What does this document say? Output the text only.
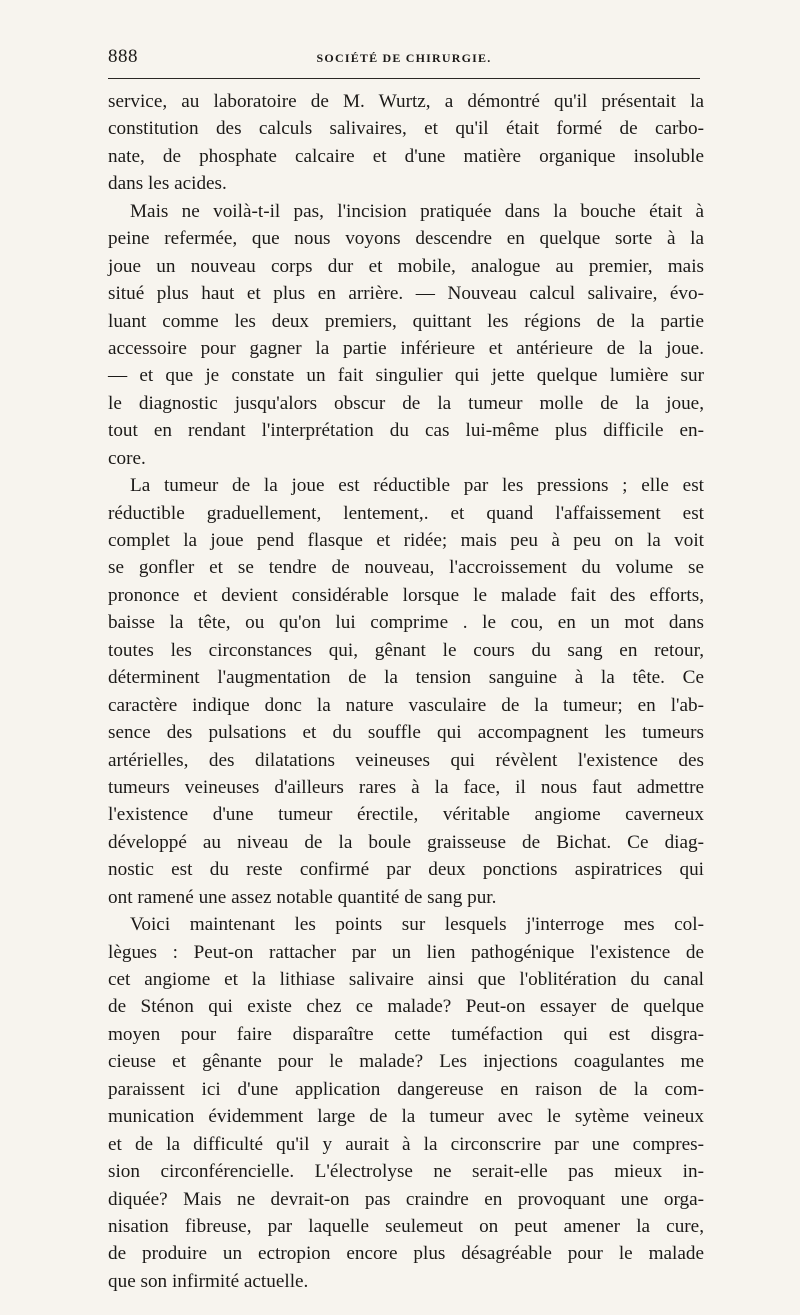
888	SOCIÉTÉ DE CHIRURGIE.
service, au laboratoire de M. Wurtz, a démontré qu'il présentait la
constitution des calculs salivaires, et qu'il était formé de carbo-
nate, de phosphate calcaire et d'une matière organique insoluble
dans les acides.
Mais ne voilà-t-il pas, l'incision pratiquée dans la bouche était à
peine refermée, que nous voyons descendre en quelque sorte à la
joue un nouveau corps dur et mobile, analogue au premier, mais
situé plus haut et plus en arrière. — Nouveau calcul salivaire, évo-
luant comme les deux premiers, quittant les régions de la partie
accessoire pour gagner la partie inférieure et antérieure de la joue.
— et que je constate un fait singulier qui jette quelque lumière sur
le diagnostic jusqu'alors obscur de la tumeur molle de la joue,
tout en rendant l'interprétation du cas lui-même plus difficile en-
core.
La tumeur de la joue est réductible par les pressions ; elle est
réductible graduellement, lentement,. et quand l'affaissement est
complet la joue pend flasque et ridée; mais peu à peu on la voit
se gonfler et se tendre de nouveau, l'accroissement du volume se
prononce et devient considérable lorsque le malade fait des efforts,
baisse la tête, ou qu'on lui comprime . le cou, en un mot dans
toutes les circonstances qui, gênant le cours du sang en retour,
déterminent l'augmentation de la tension sanguine à la tête. Ce
caractère indique donc la nature vasculaire de la tumeur; en l'ab-
sence des pulsations et du souffle qui accompagnent les tumeurs
artérielles, des dilatations veineuses qui révèlent l'existence des
tumeurs veineuses d'ailleurs rares à la face, il nous faut admettre
l'existence d'une tumeur érectile, véritable angiome caverneux
développé au niveau de la boule graisseuse de Bichat. Ce diag-
nostic est du reste confirmé par deux ponctions aspiratrices qui
ont ramené une assez notable quantité de sang pur.
Voici maintenant les points sur lesquels j'interroge mes col-
lègues : Peut-on rattacher par un lien pathogénique l'existence de
cet angiome et la lithiase salivaire ainsi que l'oblitération du canal
de Sténon qui existe chez ce malade? Peut-on essayer de quelque
moyen pour faire disparaître cette tuméfaction qui est disgra-
cieuse et gênante pour le malade? Les injections coagulantes me
paraissent ici d'une application dangereuse en raison de la com-
munication évidemment large de la tumeur avec le sytème veineux
et de la difficulté qu'il y aurait à la circonscrire par une compres-
sion circonférencielle. L'électrolyse ne serait-elle pas mieux in-
diquée? Mais ne devrait-on pas craindre en provoquant une orga-
nisation fibreuse, par laquelle seulemeut on peut amener la cure,
de produire un ectropion encore plus désagréable pour le malade
que son infirmité actuelle.
